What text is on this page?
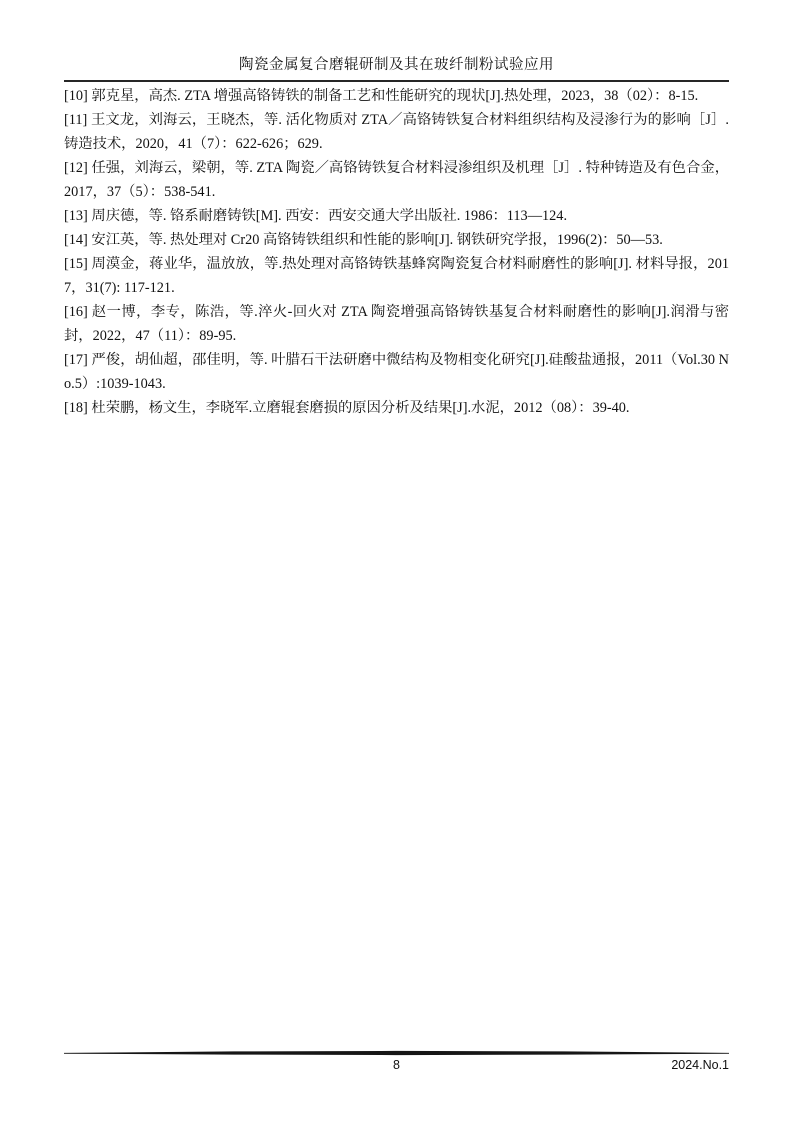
陶瓷金属复合磨辊研制及其在玻纤制粉试验应用

[10] 郭克星，高杰. ZTA 增强高铬铸铁的制备工艺和性能研究的现状[J].热处理，2023，38（02）：8-15.

[11] 王文龙，刘海云，王晓杰，等. 活化物质对 ZTA／高铬铸铁复合材料组织结构及浸渗行为的影响［J］. 铸造技术，2020，41（7）：622-626；629.

[12] 任强，刘海云，梁朝，等. ZTA 陶瓷／高铬铸铁复合材料浸渗组织及机理［J］. 特种铸造及有色合金，2017，37（5）：538-541.

[13] 周庆德，等. 铬系耐磨铸铁[M]. 西安：西安交通大学出版社. 1986：113—124.

[14] 安江英，等. 热处理对 Cr20 高铬铸铁组织和性能的影响[J]. 钢铁研究学报，1996(2)：50—53.

[15] 周漠金，蒋业华，温放放，等.热处理对高铬铸铁基蜂窝陶瓷复合材料耐磨性的影响[J]. 材料导报，2017，31(7): 117-121.

[16] 赵一博，李专，陈浩，等.淬火-回火对 ZTA 陶瓷增强高铬铸铁基复合材料耐磨性的影响[J].润滑与密封，2022，47（11）：89-95.

[17] 严俊，胡仙超，邵佳明，等. 叶腊石干法研磨中微结构及物相变化研究[J].硅酸盐通报，2011（Vol.30 No.5）:1039-1043.

[18] 杜荣鹏，杨文生，李晓军.立磨辊套磨损的原因分析及结果[J].水泥，2012（08）：39-40.

8	2024.No.1
